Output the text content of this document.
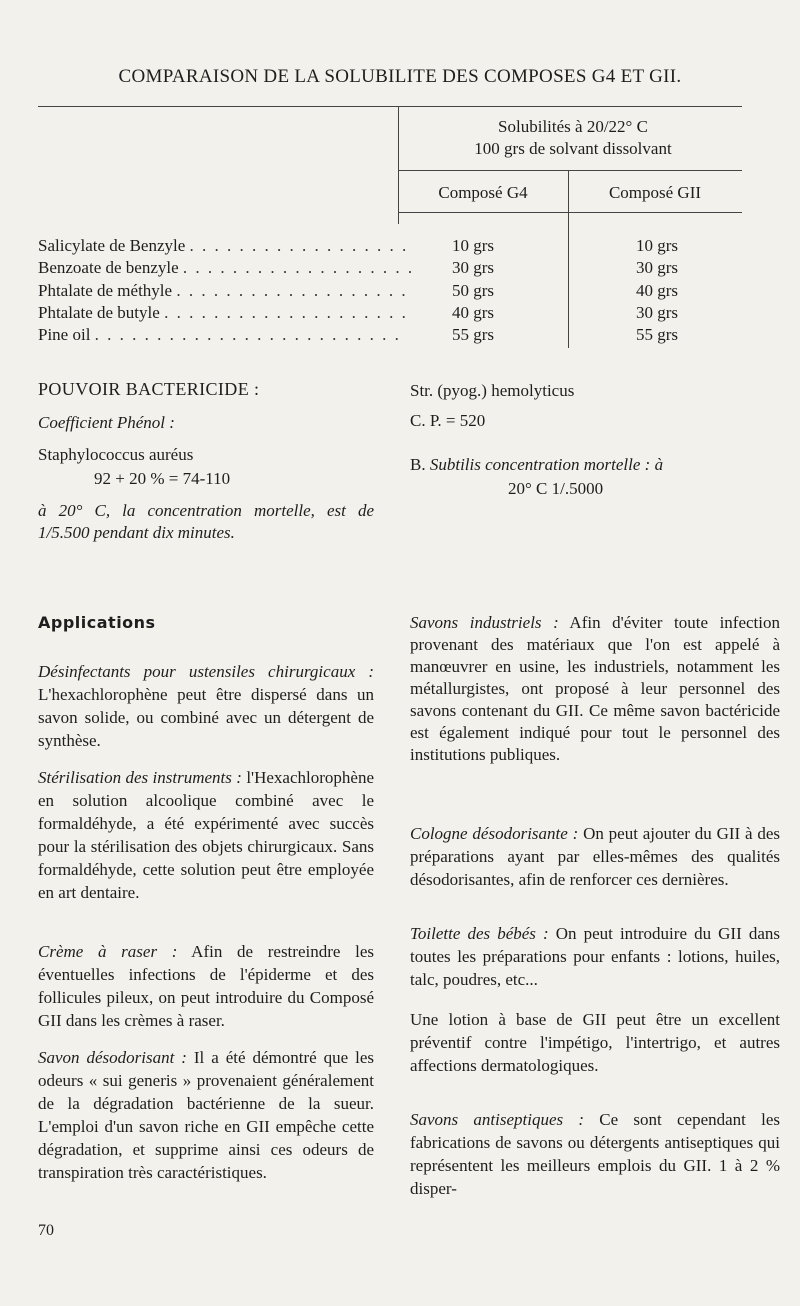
COMPARAISON DE LA SOLUBILITE DES COMPOSES G4 ET GII.
Solubilités à 20/22° C
100 grs de solvant dissolvant
Composé G4	Composé GII
Salicylate de Benzyle . . . . . . . . . . . . . . . . . .
Benzoate de benzyle . . . . . . . . . . . . . . . . . . .
Phtalate de méthyle . . . . . . . . . . . . . . . . . . .
Phtalate de butyle . . . . . . . . . . . . . . . . . . . .
Pine oil . . . . . . . . . . . . . . . . . . . . . . . . .
10 grs
30 grs
50 grs
40 grs
55 grs
10 grs
30 grs
40 grs
30 grs
55 grs
POUVOIR BACTERICIDE :
Coefficient Phénol :
Staphylococcus auréus
92 + 20 % = 74-110
à 20° C, la concentration mortelle, est de 1/5.500 pendant dix minutes.
Str. (pyog.) hemolyticus
C. P. = 520
B. Subtilis concentration mortelle : à
20° C 1/.5000
Applications

Désinfectants pour ustensiles chirurgicaux : L'hexachlorophène peut être dispersé dans un savon solide, ou combiné avec un détergent de synthèse.

Stérilisation des instruments : l'Hexachlorophène en solution alcoolique combiné avec le formaldéhyde, a été expérimenté avec succès pour la stérilisation des objets chirurgicaux. Sans formaldéhyde, cette solution peut être employée en art dentaire.

Crème à raser : Afin de restreindre les éventuelles infections de l'épiderme et des follicules pileux, on peut introduire du Composé GII dans les crèmes à raser.

Savon désodorisant : Il a été démontré que les odeurs « sui generis » provenaient généralement de la dégradation bactérienne de la sueur. L'emploi d'un savon riche en GII empêche cette dégradation, et supprime ainsi ces odeurs de transpiration très caractéristiques.

Savons industriels : Afin d'éviter toute infection provenant des matériaux que l'on est appelé à manœuvrer en usine, les industriels, notamment les métallurgistes, ont proposé à leur personnel des savons contenant du GII. Ce même savon bactéricide est également indiqué pour tout le personnel des institutions publiques.

Cologne désodorisante : On peut ajouter du GII à des préparations ayant par elles-mêmes des qualités désodorisantes, afin de renforcer ces dernières.

Toilette des bébés : On peut introduire du GII dans toutes les préparations pour enfants : lotions, huiles, talc, poudres, etc...

Une lotion à base de GII peut être un excellent préventif contre l'impétigo, l'intertrigo, et autres affections dermatologiques.

Savons antiseptiques : Ce sont cependant les fabrications de savons ou détergents antiseptiques qui représentent les meilleurs emplois du GII. 1 à 2 % disper-

70
